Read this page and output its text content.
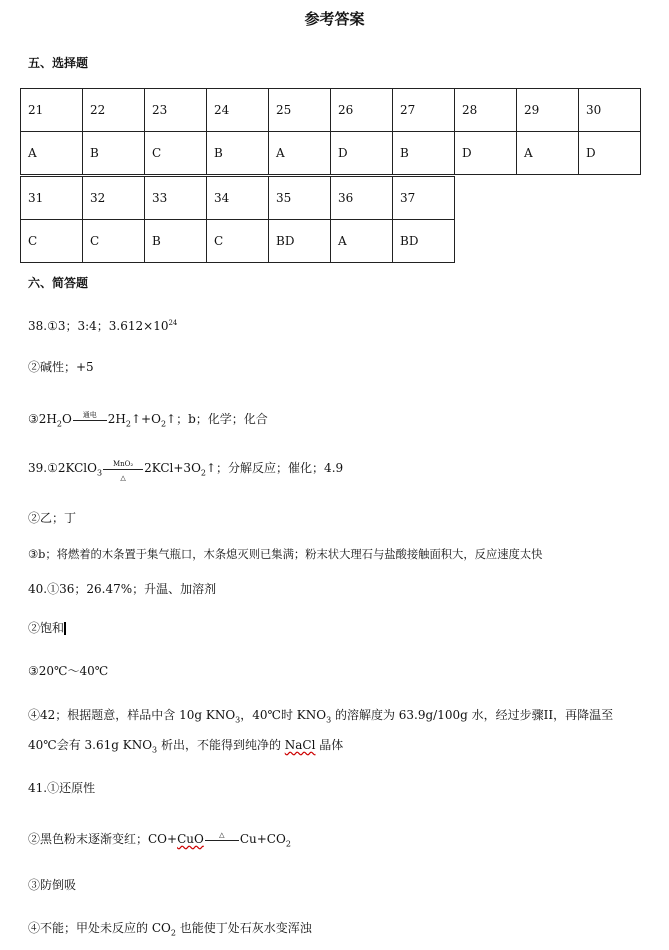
参考答案
五、选择题
21	22	23	24	25	26	27	28	29	30
A	B	C	B	A	D	B	D	A	D
31	32	33	34	35	36	37
C	C	B	C	BD	A	BD
六、简答题
38.①3；3:4；$3.612\times 10^{24}$
②碱性；+5
$③2H_2O$	通电 $2H_2↑+O_2↑$；b；化学；化合
39.①2KClO$_3$
MnO₂
△
$2KCl+3O_2↑$；分解反应；催化；4.9
②乙；丁
③b；将燃着的木条置于集气瓶口，木条熄灭则已集满；粉末状大理石与盐酸接触面积大，反应速度太快
40.①36；26.47%；升温、加溶剂
②饱和
③20℃～40℃
④42；根据题意，样品中含 10g $KNO_3$，40℃时 $KNO_3$ 的溶解度为 63.9g/100g 水，经过步骤II，再降温至
40℃会有 3.61g $KNO_3$ 析出，不能得到纯净的 NaCl 晶体
41.①还原性
②黑色粉末逐渐变红；CO+CuO	△	$Cu+CO_2$
③防倒吸
④不能；甲处未反应的 $CO_2$ 也能使丁处石灰水变浑浊
